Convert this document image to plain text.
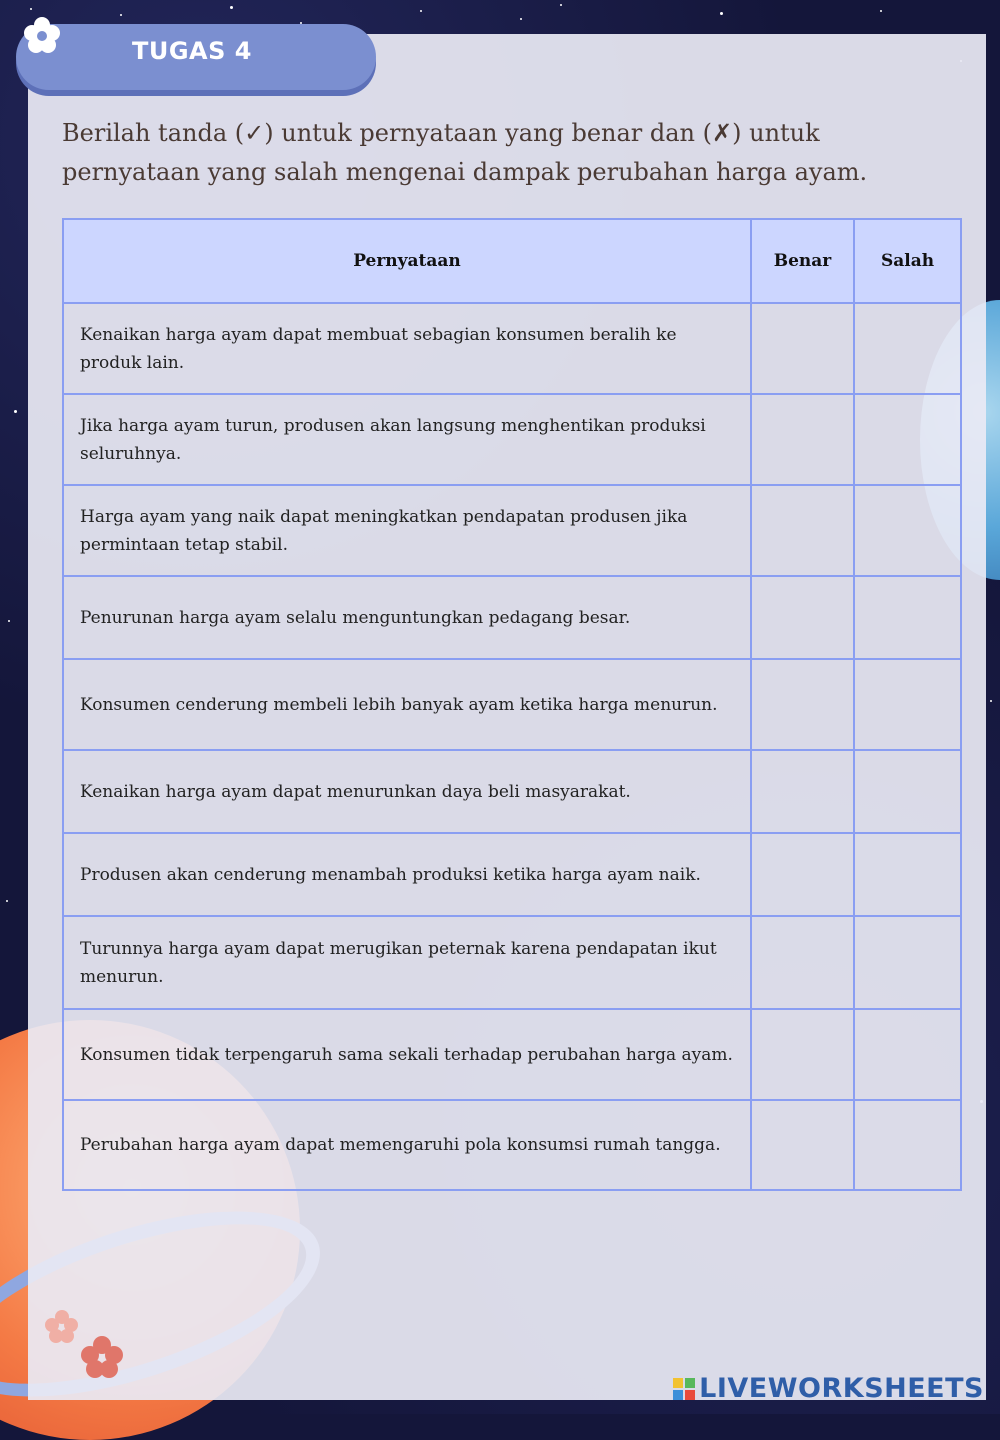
TUGAS 4
Berilah tanda (✓) untuk pernyataan yang benar dan (✗) untuk pernyataan yang salah mengenai dampak perubahan harga ayam.
Pernyataan	Benar	Salah
Kenaikan harga ayam dapat membuat sebagian konsumen beralih ke produk lain.		
Jika harga ayam turun, produsen akan langsung menghentikan produksi seluruhnya.		
Harga ayam yang naik dapat meningkatkan pendapatan produsen jika permintaan tetap stabil.		
Penurunan harga ayam selalu menguntungkan pedagang besar.		
Konsumen cenderung membeli lebih banyak ayam ketika harga menurun.		
Kenaikan harga ayam dapat menurunkan daya beli masyarakat.		
Produsen akan cenderung menambah produksi ketika harga ayam naik.		
Turunnya harga ayam dapat merugikan peternak karena pendapatan ikut menurun.		
Konsumen tidak terpengaruh sama sekali terhadap perubahan harga ayam.		
Perubahan harga ayam dapat memengaruhi pola konsumsi rumah tangga.		
LIVEWORKSHEETS
